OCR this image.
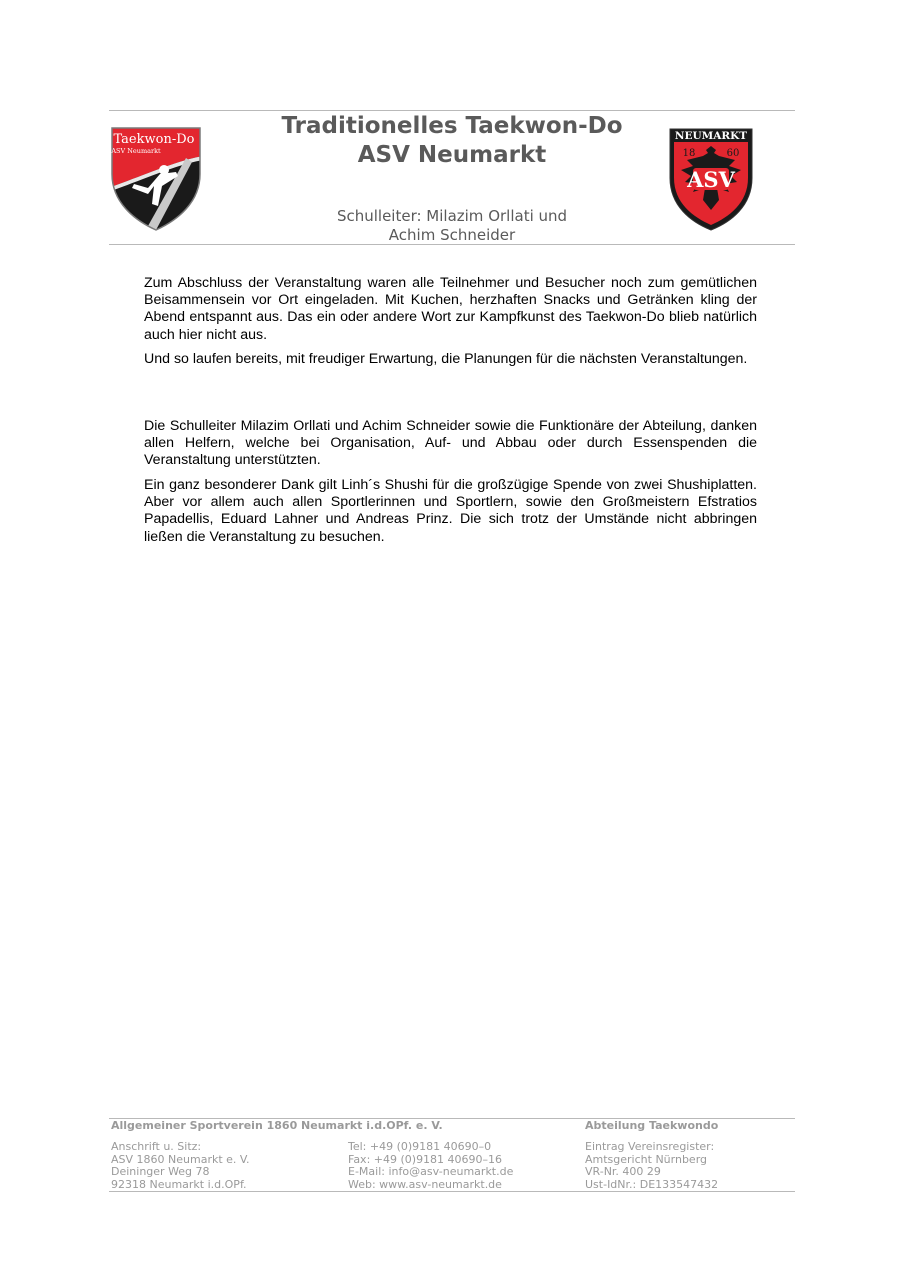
Taekwon-Do
ASV Neumarkt
Traditionelles Taekwon-Do
ASV Neumarkt
Schulleiter: Milazim Orllati und
Achim Schneider
NEUMARKT
18	60
ASV

Zum Abschluss der Veranstaltung waren alle Teilnehmer und Besucher noch zum gemütlichen Beisammensein vor Ort eingeladen. Mit Kuchen, herzhaften Snacks und Getränken kling der Abend entspannt aus. Das ein oder andere Wort zur Kampfkunst des Taekwon-Do blieb natürlich auch hier nicht aus.

Und so laufen bereits, mit freudiger Erwartung, die Planungen für die nächsten Veranstaltungen.

Die Schulleiter Milazim Orllati und Achim Schneider sowie die Funktionäre der Abteilung, danken allen Helfern, welche bei Organisation, Auf- und Abbau oder durch Essenspenden die Veranstaltung unterstützten.

Ein ganz besonderer Dank gilt Linh´s Shushi für die großzügige Spende von zwei Shushiplatten. Aber vor allem auch allen Sportlerinnen und Sportlern, sowie den Großmeistern Efstratios Papadellis, Eduard Lahner und Andreas Prinz. Die sich trotz der Umstände nicht abbringen ließen die Veranstaltung zu besuchen.

Allgemeiner Sportverein 1860 Neumarkt i.d.OPf. e. V.	Abteilung Taekwondo
Anschrift u. Sitz:
ASV 1860 Neumarkt e. V.
Deininger Weg 78
92318 Neumarkt i.d.OPf.
Tel: +49 (0)9181 40690–0
Fax: +49 (0)9181 40690–16
E-Mail: info@asv-neumarkt.de
Web: www.asv-neumarkt.de
Eintrag Vereinsregister:
Amtsgericht Nürnberg
VR-Nr. 400 29
Ust-IdNr.: DE133547432
